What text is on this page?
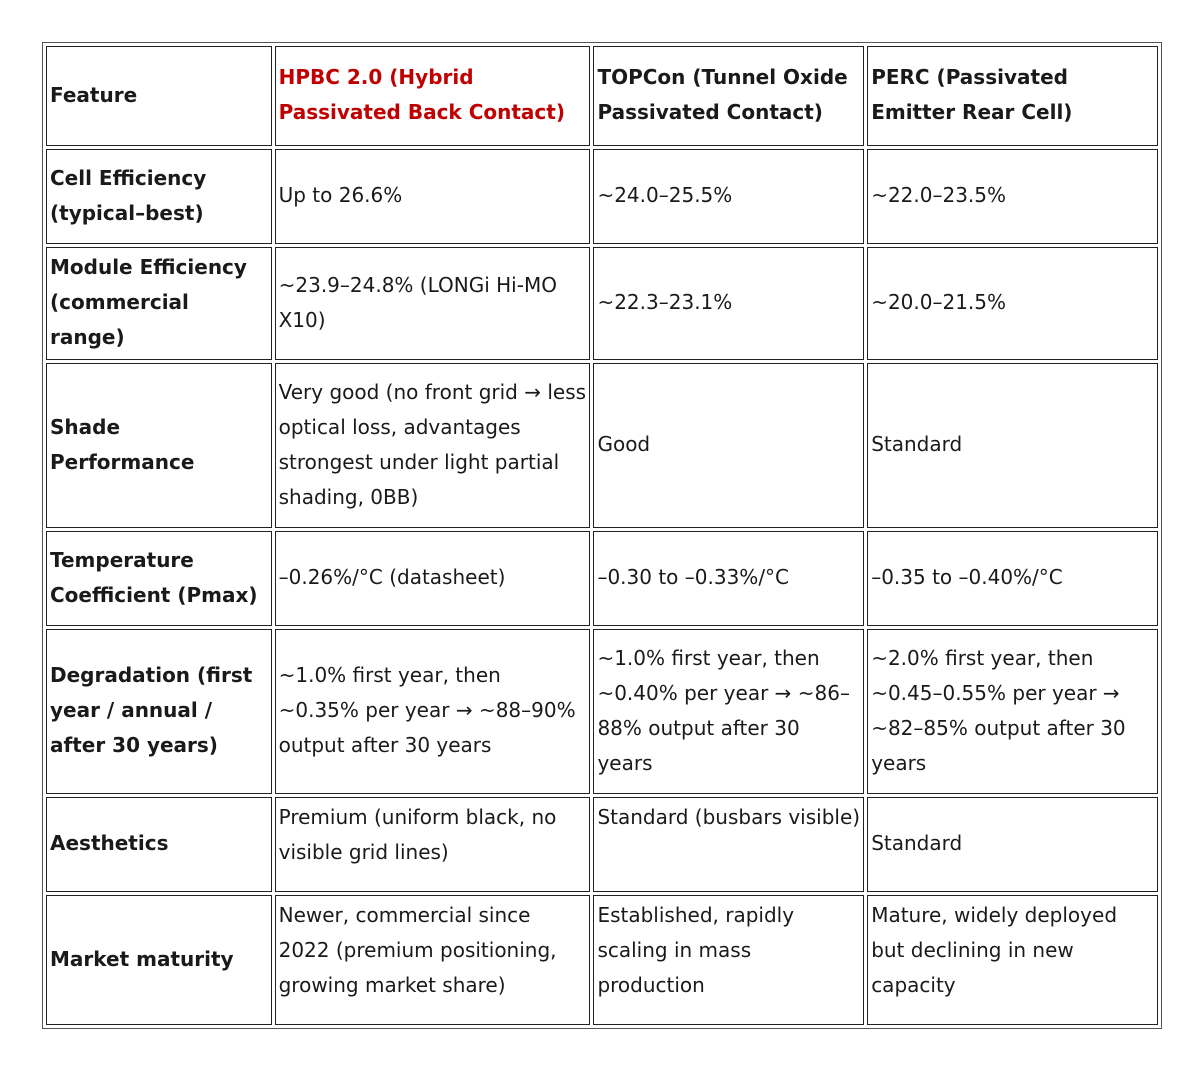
Feature	HPBC 2.0 (Hybrid Passivated Back Contact)	TOPCon (Tunnel Oxide Passivated Contact)	PERC (Passivated Emitter Rear Cell)
Cell Efficiency (typical–best)	Up to 26.6%	~24.0–25.5%	~22.0–23.5%
Module Efficiency (commercial range)	~23.9–24.8% (LONGi Hi-MO X10)	~22.3–23.1%	~20.0–21.5%
Shade Performance	Very good (no front grid → less optical loss, advantages strongest under light partial shading, 0BB)	Good	Standard
Temperature Coefficient (Pmax)	–0.26%/°C (datasheet)	–0.30 to –0.33%/°C	–0.35 to –0.40%/°C
Degradation (first year / annual / after 30 years)	~1.0% first year, then ~0.35% per year → ~88–90% output after 30 years	~1.0% first year, then ~0.40% per year → ~86–88% output after 30 years	~2.0% first year, then ~0.45–0.55% per year → ~82–85% output after 30 years
Aesthetics	Premium (uniform black, no visible grid lines)	Standard (busbars visible)	Standard
Market maturity	Newer, commercial since 2022 (premium positioning, growing market share)	Established, rapidly scaling in mass production	Mature, widely deployed but declining in new capacity
